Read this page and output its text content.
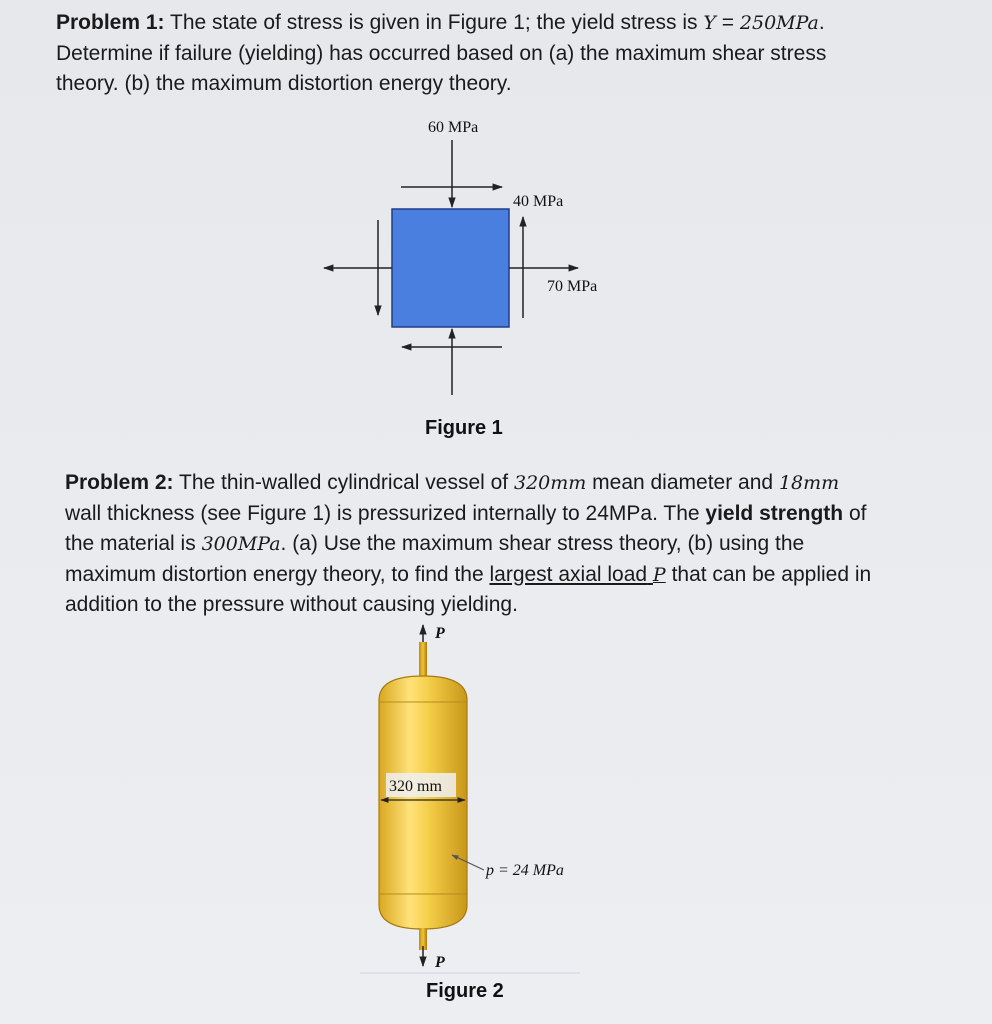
Problem 1: The state of stress is given in Figure 1; the yield stress is Y = 250MPa. Determine if failure (yielding) has occurred based on (a) the maximum shear stress theory. (b) the maximum distortion energy theory.

Problem 2: The thin-walled cylindrical vessel of 320mm mean diameter and 18mm wall thickness (see Figure 1) is pressurized internally to 24MPa. The yield strength of the material is 300MPa. (a) Use the maximum shear stress theory, (b) using the maximum distortion energy theory, to find the largest axial load P that can be applied in addition to the pressure without causing yielding.

60 MPa
40 MPa
70 MPa
Figure 1
320 mm
p = 24 MPa
P
P
Figure 2
